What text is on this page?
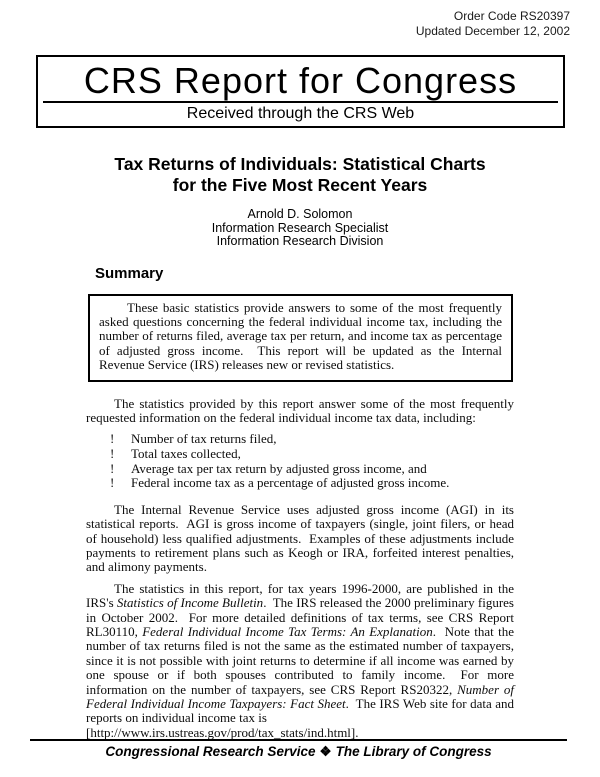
Order Code RS20397
Updated December 12, 2002
CRS Report for Congress
Received through the CRS Web
Tax Returns of Individuals: Statistical Charts
for the Five Most Recent Years
Arnold D. Solomon
Information Research Specialist
Information Research Division
Summary
These basic statistics provide answers to some of the most frequently asked questions concerning the federal individual income tax, including the number of returns filed, average tax per return, and income tax as percentage of adjusted gross income.  This report will be updated as the Internal Revenue Service (IRS) releases new or revised statistics.

The statistics provided by this report answer some of the most frequently requested information on the federal individual income tax data, including:

! Number of tax returns filed,
! Total taxes collected,
! Average tax per tax return by adjusted gross income, and
! Federal income tax as a percentage of adjusted gross income.

The Internal Revenue Service uses adjusted gross income (AGI) in its statistical reports.  AGI is gross income of taxpayers (single, joint filers, or head of household) less qualified adjustments.  Examples of these adjustments include payments to retirement plans such as Keogh or IRA, forfeited interest penalties, and alimony payments.

The statistics in this report, for tax years 1996-2000, are published in the IRS's Statistics of Income Bulletin.  The IRS released the 2000 preliminary figures in October 2002.  For more detailed definitions of tax terms, see CRS Report RL30110, Federal Individual Income Tax Terms: An Explanation.  Note that the number of tax returns filed is not the same as the estimated number of taxpayers, since it is not possible with joint returns to determine if all income was earned by one spouse or if both spouses contributed to family income.  For more information on the number of taxpayers, see CRS Report RS20322, Number of Federal Individual Income Taxpayers: Fact Sheet.  The IRS Web site for data and reports on individual income tax is
[http://www.irs.ustreas.gov/prod/tax_stats/ind.html].

Congressional Research Service ❖ The Library of Congress
